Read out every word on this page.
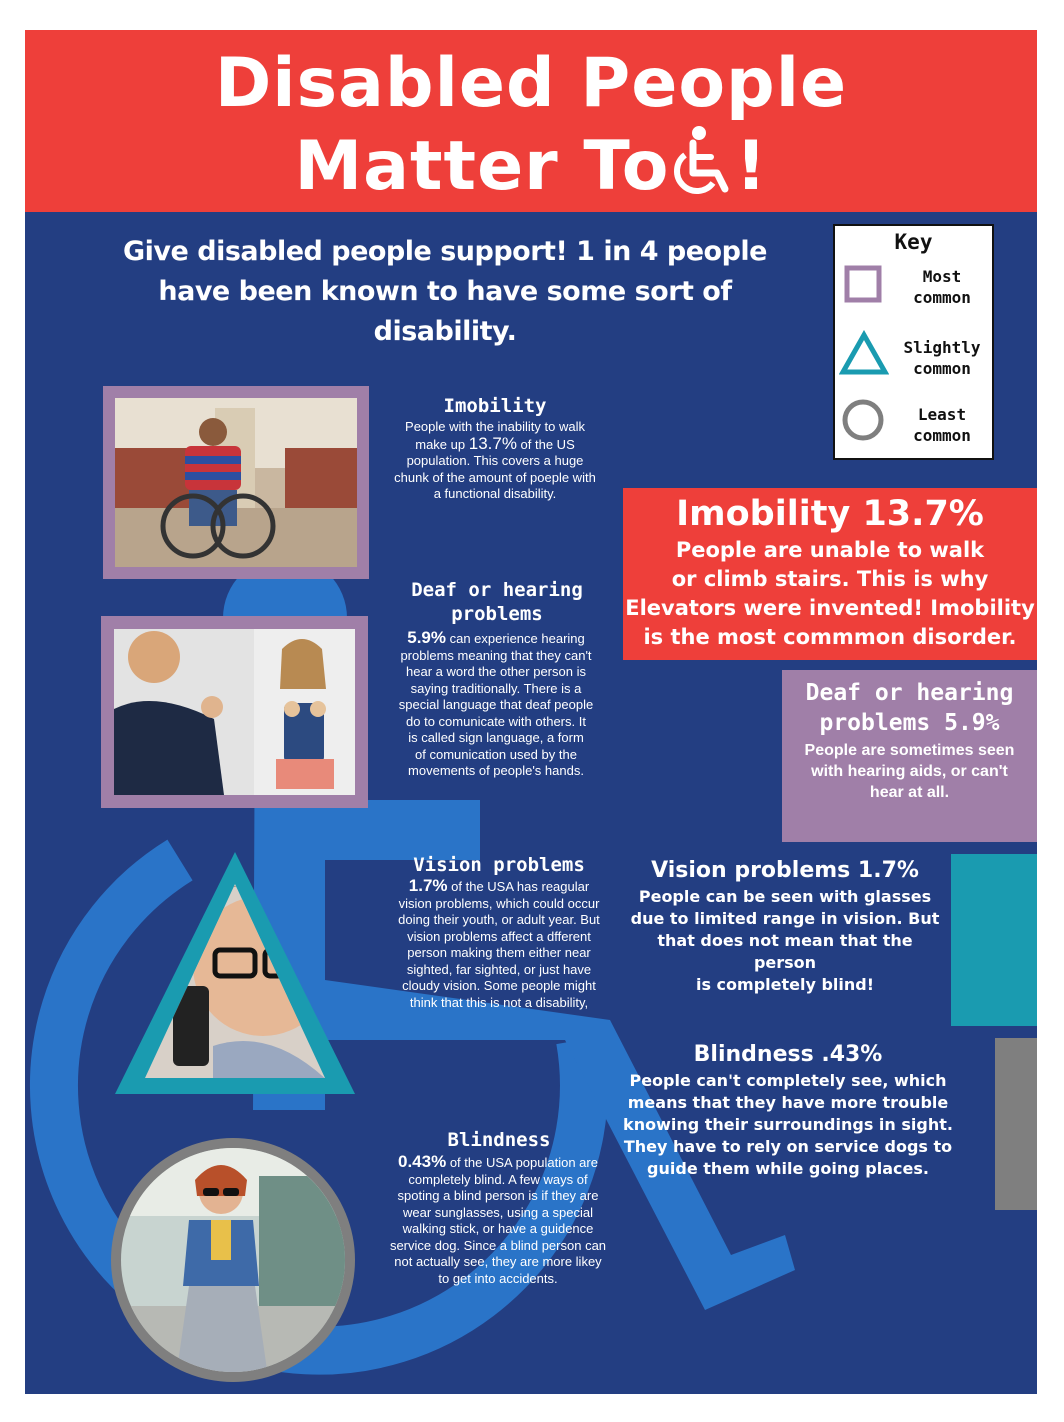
Disabled People
Matter To !
Give disabled people support! 1 in 4 people
have been known to have some sort of disability.
Key
Most
common
Slightly
common
Least
common
Imobility
People with the inability to walk
make up 13.7% of the US
population. This covers a huge
chunk of the amount of poeple with
a functional disability.
Deaf or hearing
problems
5.9% can experience hearing
problems meaning that they can't
hear a word the other person is
saying traditionally. There is a
special language that deaf people
do to comunicate with others. It
is called sign language, a form
of comunication used by the
movements of people's hands.
Vision problems
1.7% of the USA has reagular
vision problems, which could occur
doing their youth, or adult year. But
vision problems affect a dfferent
person making them either near
sighted, far sighted, or just have
cloudy vision. Some people might
think that this is not a disability,
Blindness
0.43% of the USA population are
completely blind. A few ways of
spoting a blind person is if they are
wear sunglasses, using a special
walking stick, or have a guidence
service dog. Since a blind person can
not actually see, they are more likey
to get into accidents.
Imobility 13.7%
People are unable to walk
or climb stairs. This is why
Elevators were invented! Imobility
is the most commmon disorder.
Deaf or hearing
problems 5.9%
People are sometimes seen
with hearing aids, or can't
hear at all.
Vision problems 1.7%
People can be seen with glasses
due to limited range in vision. But
that does not mean that the person
is completely blind!
Blindness .43%
People can't completely see, which
means that they have more trouble
knowing their surroundings in sight.
They have to rely on service dogs to
guide them while going places.
